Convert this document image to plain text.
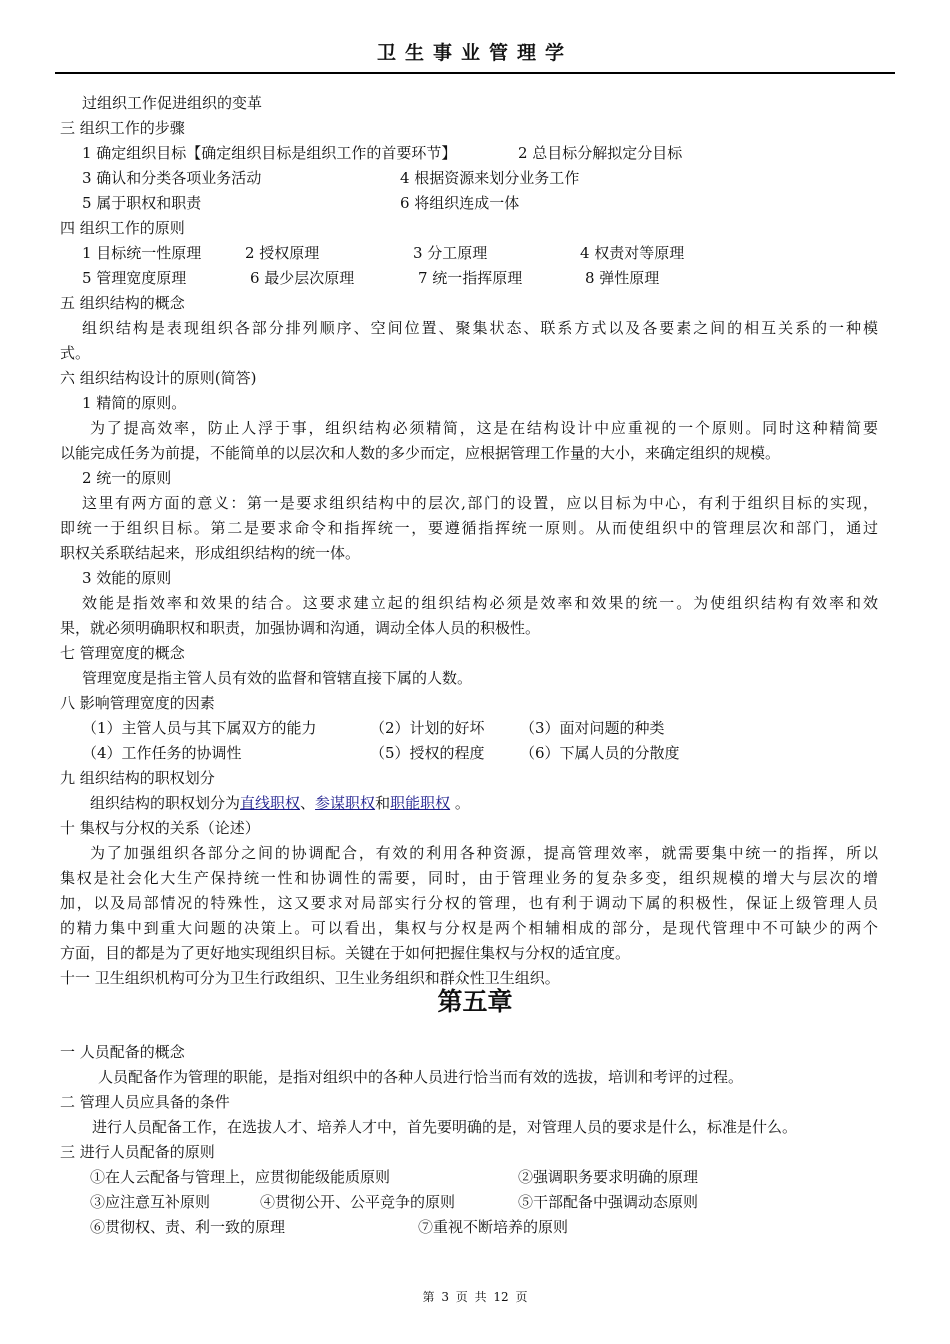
卫生事业管理学
过组织工作促进组织的变革
三 组织工作的步骤
1 确定组织目标【确定组织目标是组织工作的首要环节】	2 总目标分解拟定分目标
3 确认和分类各项业务活动	4 根据资源来划分业务工作
5 属于职权和职责	6 将组织连成一体
四 组织工作的原则
1 目标统一性原理	2 授权原理	3 分工原理	4 权责对等原理
5 管理宽度原理	6 最少层次原理	7 统一指挥原理	8 弹性原理
五 组织结构的概念
组织结构是表现组织各部分排列顺序、空间位置、聚集状态、联系方式以及各要素之间的相互关系的一种模
式。
六 组织结构设计的原则(简答)
1 精简的原则。
为了提高效率，防止人浮于事，组织结构必须精简，这是在结构设计中应重视的一个原则。同时这种精简要
以能完成任务为前提，不能简单的以层次和人数的多少而定，应根据管理工作量的大小，来确定组织的规模。
2 统一的原则
这里有两方面的意义：第一是要求组织结构中的层次,部门的设置，应以目标为中心，有利于组织目标的实现，
即统一于组织目标。第二是要求命令和指挥统一，要遵循指挥统一原则。从而使组织中的管理层次和部门，通过
职权关系联结起来，形成组织结构的统一体。
3 效能的原则
效能是指效率和效果的结合。这要求建立起的组织结构必须是效率和效果的统一。为使组织结构有效率和效
果，就必须明确职权和职责，加强协调和沟通，调动全体人员的积极性。
七 管理宽度的概念
管理宽度是指主管人员有效的监督和管辖直接下属的人数。
八 影响管理宽度的因素
（1）主管人员与其下属双方的能力	（2）计划的好坏 （3）面对问题的种类
（4）工作任务的协调性	（5）授权的程度 （6）下属人员的分散度
九 组织结构的职权划分
组织结构的职权划分为直线职权、参谋职权和职能职权 。
十 集权与分权的关系（论述）
为了加强组织各部分之间的协调配合，有效的利用各种资源，提高管理效率，就需要集中统一的指挥，所以
集权是社会化大生产保持统一性和协调性的需要，同时，由于管理业务的复杂多变，组织规模的增大与层次的增
加，以及局部情况的特殊性，这又要求对局部实行分权的管理，也有利于调动下属的积极性，保证上级管理人员
的精力集中到重大问题的决策上。可以看出，集权与分权是两个相辅相成的部分，是现代管理中不可缺少的两个
方面，目的都是为了更好地实现组织目标。关键在于如何把握住集权与分权的适宜度。
十一 卫生组织机构可分为卫生行政组织、卫生业务组织和群众性卫生组织。
第五章
一 人员配备的概念
人员配备作为管理的职能，是指对组织中的各种人员进行恰当而有效的选拔，培训和考评的过程。
二 管理人员应具备的条件
进行人员配备工作，在选拔人才、培养人才中，首先要明确的是，对管理人员的要求是什么，标准是什么。
三 进行人员配备的原则
①在人云配备与管理上，应贯彻能级能质原则	②强调职务要求明确的原理
③应注意互补原则	④贯彻公开、公平竞争的原则	⑤干部配备中强调动态原则
⑥贯彻权、责、利一致的原理	⑦重视不断培养的原则
第 3 页 共 12 页
